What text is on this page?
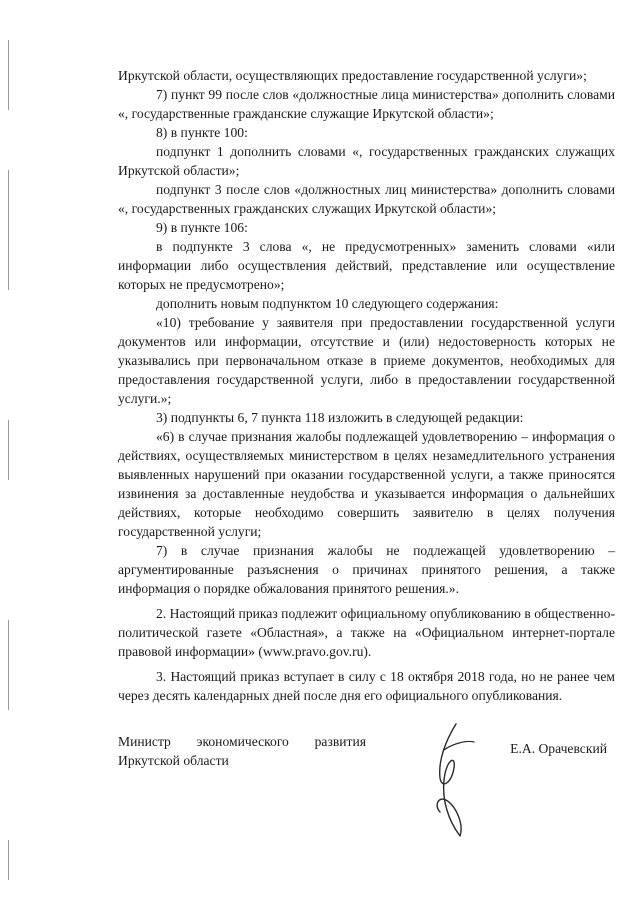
Иркутской области, осуществляющих предоставление государственной услуги»;

7) пункт 99 после слов «должностные лица министерства» дополнить словами «, государственные гражданские служащие Иркутской области»;

8) в пункте 100:

подпункт 1 дополнить словами «, государственных гражданских служащих Иркутской области»;

подпункт 3 после слов «должностных лиц министерства» дополнить словами «, государственных гражданских служащих Иркутской области»;

9) в пункте 106:

в подпункте 3 слова «, не предусмотренных» заменить словами «или информации либо осуществления действий, представление или осуществление которых не предусмотрено»;

дополнить новым подпунктом 10 следующего содержания:

«10) требование у заявителя при предоставлении государственной услуги документов или информации, отсутствие и (или) недостоверность которых не указывались при первоначальном отказе в приеме документов, необходимых для предоставления государственной услуги, либо в предоставлении государственной услуги.»;

3) подпункты 6, 7 пункта 118 изложить в следующей редакции:

«6) в случае признания жалобы подлежащей удовлетворению – информация о действиях, осуществляемых министерством в целях незамедлительного устранения выявленных нарушений при оказании государственной услуги, а также приносятся извинения за доставленные неудобства и указывается информация о дальнейших действиях, которые необходимо совершить заявителю в целях получения государственной услуги;

7) в случае признания жалобы не подлежащей удовлетворению – аргументированные разъяснения о причинах принятого решения, а также информация о порядке обжалования принятого решения.».

2. Настоящий приказ подлежит официальному опубликованию в общественно-политической газете «Областная», а также на «Официальном интернет-портале правовой информации» (www.pravo.gov.ru).

3. Настоящий приказ вступает в силу с 18 октября 2018 года, но не ранее чем через десять календарных дней после дня его официального опубликования.

Министр экономического развития
Иркутской области
Е.А. Орачевский
